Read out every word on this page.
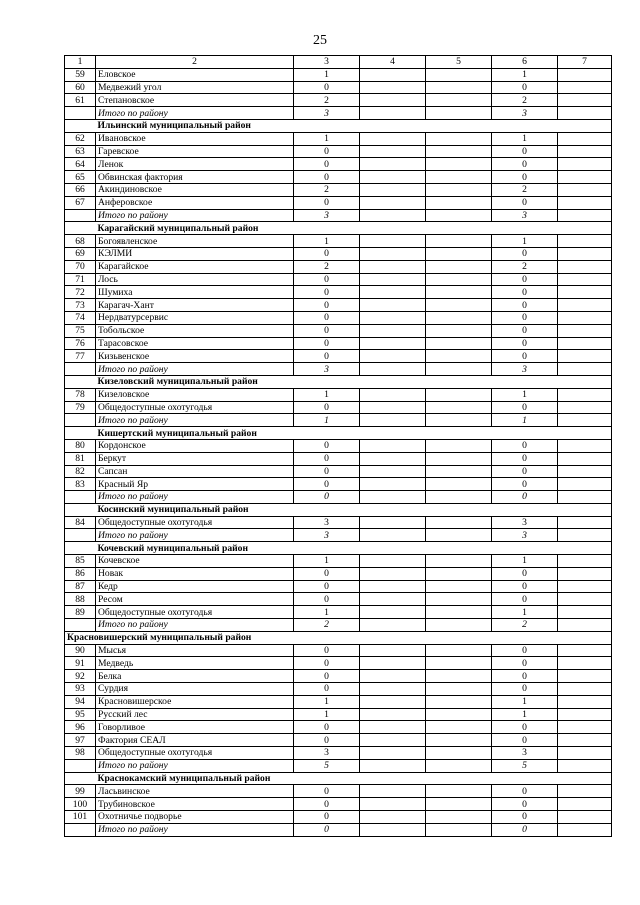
25
1	2	3	4	5	6	7
59	Еловское	1			1	
60	Медвежий угол	0			0	
61	Степановское	2			2	
	Итого по району	3			3	
	Ильинский муниципальный район					
62	Ивановское	1			1	
63	Гаревское	0			0	
64	Ленок	0			0	
65	Обвинская фактория	0			0	
66	Акиндиновское	2			2	
67	Анферовское	0			0	
	Итого по району	3			3	
	Карагайский муниципальный район					
68	Богоявленское	1			1	
69	КЭЛМИ	0			0	
70	Карагайское	2			2	
71	Лось	0			0	
72	Шумиха	0			0	
73	Карагач-Хант	0			0	
74	Нердватурсервис	0			0	
75	Тобольское	0			0	
76	Тарасовское	0			0	
77	Кизьвенское	0			0	
	Итого по району	3			3	
	Кизеловский муниципальный район					
78	Кизеловское	1			1	
79	Общедоступные охотугодья	0			0	
	Итого по району	1			1	
	Кишертский муниципальный район					
80	Кордонское	0			0	
81	Беркут	0			0	
82	Сапсан	0			0	
83	Красный Яр	0			0	
	Итого по району	0			0	
	Косинский муниципальный район					
84	Общедоступные охотугодья	3			3	
	Итого по району	3			3	
	Кочевский муниципальный район					
85	Кочевское	1			1	
86	Новак	0			0	
87	Кедр	0			0	
88	Ресом	0			0	
89	Общедоступные охотугодья	1			1	
	Итого по району	2			2	
Красновишерский муниципальный район						
90	Мысья	0			0	
91	Медведь	0			0	
92	Белка	0			0	
93	Сурдия	0			0	
94	Красновишерское	1			1	
95	Русский лес	1			1	
96	Говорливое	0			0	
97	Фактория СЕАЛ	0			0	
98	Общедоступные охотугодья	3			3	
	Итого по району	5			5	
	Краснокамский муниципальный район					
99	Ласьвинское	0			0	
100	Трубиновское	0			0	
101	Охотничье подворье	0			0	
	Итого по району	0			0	
